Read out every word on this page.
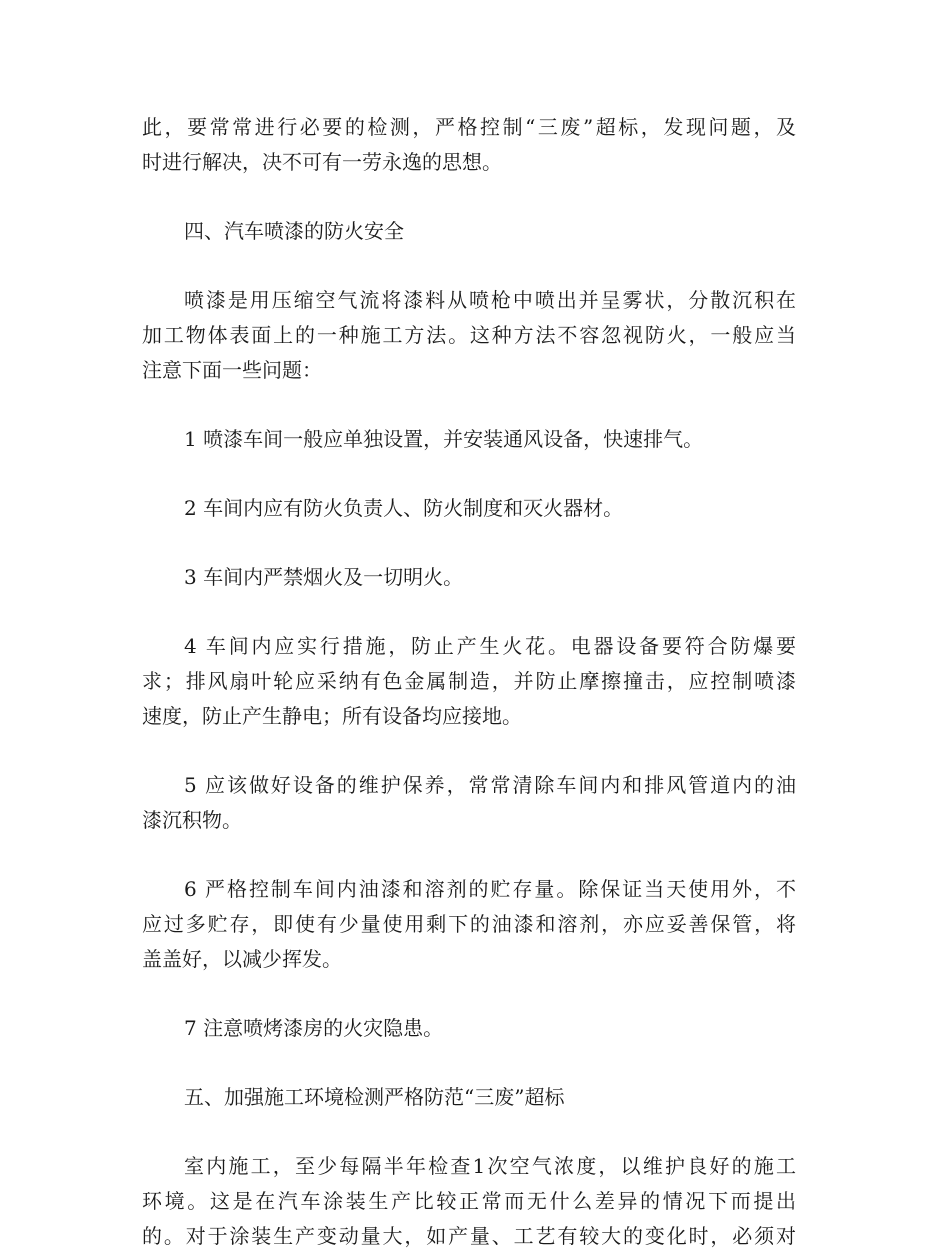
此，要常常进行必要的检测，严格控制“三废”超标，发现问题，及
时进行解决，决不可有一劳永逸的思想。
四、汽车喷漆的防火安全
喷漆是用压缩空气流将漆料从喷枪中喷出并呈雾状，分散沉积在
加工物体表面上的一种施工方法。这种方法不容忽视防火，一般应当
注意下面一些问题：
1 喷漆车间一般应单独设置，并安装通风设备，快速排气。
2 车间内应有防火负责人、防火制度和灭火器材。
3 车间内严禁烟火及一切明火。
4 车间内应实行措施，防止产生火花。电器设备要符合防爆要
求；排风扇叶轮应采纳有色金属制造，并防止摩擦撞击，应控制喷漆
速度，防止产生静电；所有设备均应接地。
5 应该做好设备的维护保养，常常清除车间内和排风管道内的油
漆沉积物。
6 严格控制车间内油漆和溶剂的贮存量。除保证当天使用外，不
应过多贮存，即使有少量使用剩下的油漆和溶剂，亦应妥善保管，将
盖盖好，以减少挥发。
7 注意喷烤漆房的火灾隐患。
五、加强施工环境检测严格防范“三废”超标
室内施工，至少每隔半年检查1次空气浓度，以维护良好的施工
环境。这是在汽车涂装生产比较正常而无什么差异的情况下而提出
的。对于涂装生产变动量大，如产量、工艺有较大的变化时，必须对
